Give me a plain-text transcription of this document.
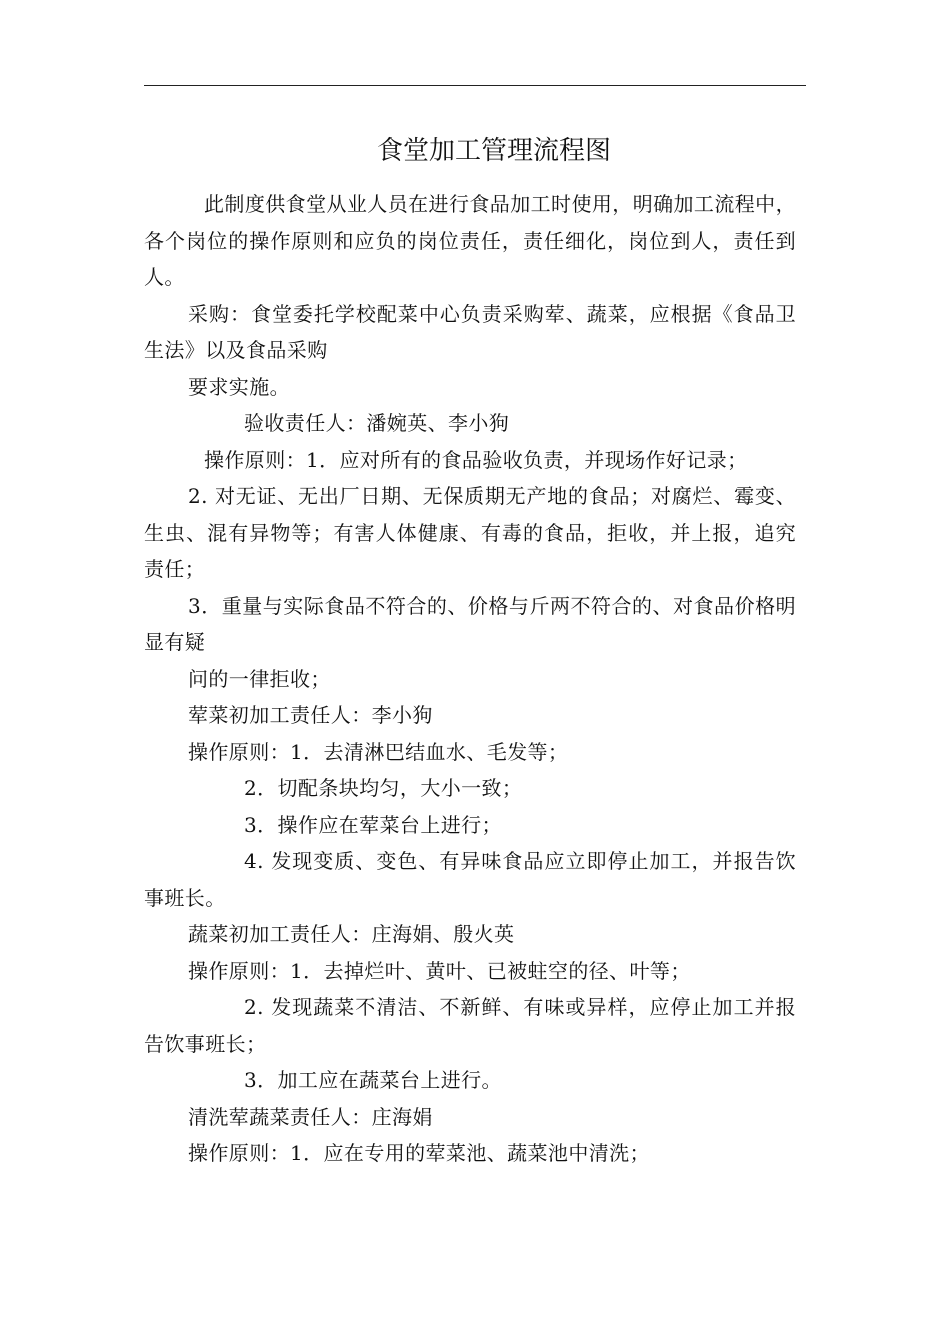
食堂加工管理流程图

此制度供食堂从业人员在进行食品加工时使用，明确加工流程中，各个岗位的操作原则和应负的岗位责任，责任细化，岗位到人，责任到人。

采购：食堂委托学校配菜中心负责采购荤、蔬菜，应根据《食品卫生法》以及食品采购

要求实施。

验收责任人：潘婉英、李小狗

操作原则：1．应对所有的食品验收负责，并现场作好记录；

2. 对无证、无出厂日期、无保质期无产地的食品；对腐烂、霉变、生虫、混有异物等；有害人体健康、有毒的食品，拒收，并上报，追究责任；

3．重量与实际食品不符合的、价格与斤两不符合的、对食品价格明显有疑

问的一律拒收；

荤菜初加工责任人：李小狗

操作原则：1．去清淋巴结血水、毛发等；

2．切配条块均匀，大小一致；

3．操作应在荤菜台上进行；

4. 发现变质、变色、有异味食品应立即停止加工，并报告饮事班长。

蔬菜初加工责任人：庄海娟、殷火英

操作原则：1．去掉烂叶、黄叶、已被蛀空的径、叶等；

2. 发现蔬菜不清洁、不新鲜、有味或异样，应停止加工并报告饮事班长；

3．加工应在蔬菜台上进行。

清洗荤蔬菜责任人：庄海娟

操作原则：1．应在专用的荤菜池、蔬菜池中清洗；
